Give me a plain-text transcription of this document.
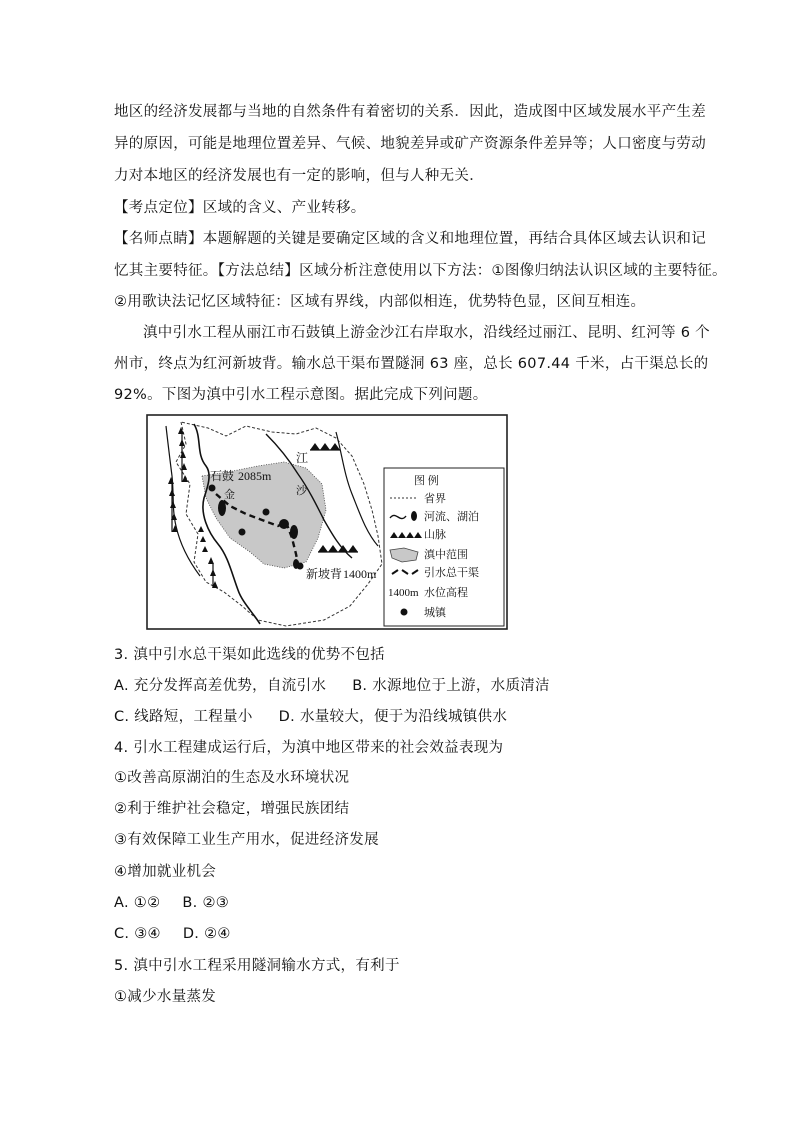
地区的经济发展都与当地的自然条件有着密切的关系．因此，造成图中区域发展水平产生差
异的原因，可能是地理位置差异、气候、地貌差异或矿产资源条件差异等；人口密度与劳动
力对本地区的经济发展也有一定的影响，但与人种无关．
【考点定位】区域的含义、产业转移。
【名师点睛】本题解题的关键是要确定区域的含义和地理位置，再结合具体区域去认识和记
忆其主要特征。【方法总结】区域分析注意使用以下方法：①图像归纳法认识区域的主要特征。
②用歌诀法记忆区域特征：区域有界线，内部似相连，优势特色显，区间互相连。
滇中引水工程从丽江市石鼓镇上游金沙江右岸取水，沿线经过丽江、昆明、红河等 6 个
州市，终点为红河新坡背。输水总干渠布置隧洞 63 座，总长 607.44 千米，占干渠总长的
92%。下图为滇中引水工程示意图。据此完成下列问题。
石鼓 2085m
江
金	沙
新坡背 1400m
图 例
省界
河流、湖泊
山脉
滇中范围
引水总干渠
1400m 水位高程
城镇
3. 滇中引水总干渠如此选线的优势不包括
A. 充分发挥高差优势，自流引水 B. 水源地位于上游，水质清洁
C. 线路短，工程量小 D. 水量较大，便于为沿线城镇供水
4. 引水工程建成运行后，为滇中地区带来的社会效益表现为
①改善高原湖泊的生态及水环境状况
②利于维护社会稳定，增强民族团结
③有效保障工业生产用水，促进经济发展
④增加就业机会
A. ①② B. ②③
C. ③④ D. ②④
5. 滇中引水工程采用隧洞输水方式，有利于
①减少水量蒸发
